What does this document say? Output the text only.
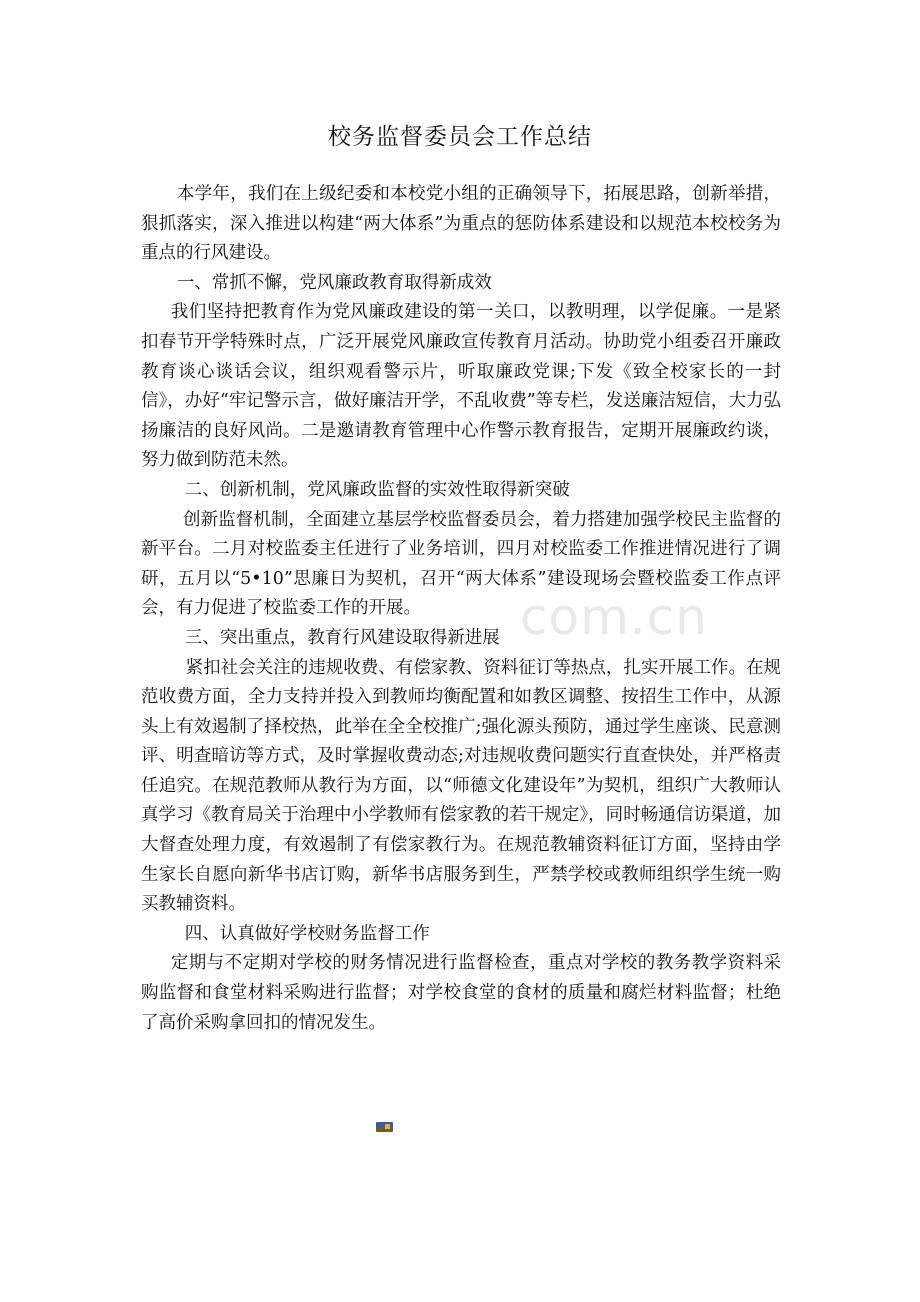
校务监督委员会工作总结

本学年，我们在上级纪委和本校党小组的正确领导下，拓展思路，创新举措，狠抓落实，深入推进以构建“两大体系”为重点的惩防体系建设和以规范本校校务为重点的行风建设。

一、常抓不懈，党风廉政教育取得新成效

我们坚持把教育作为党风廉政建设的第一关口，以教明理，以学促廉。一是紧扣春节开学特殊时点，广泛开展党风廉政宣传教育月活动。协助党小组委召开廉政教育谈心谈话会议，组织观看警示片，听取廉政党课;下发《致全校家长的一封信》，办好“牢记警示言，做好廉洁开学，不乱收费”等专栏，发送廉洁短信，大力弘扬廉洁的良好风尚。二是邀请教育管理中心作警示教育报告，定期开展廉政约谈，努力做到防范未然。

二、创新机制，党风廉政监督的实效性取得新突破

创新监督机制，全面建立基层学校监督委员会，着力搭建加强学校民主监督的新平台。二月对校监委主任进行了业务培训，四月对校监委工作推进情况进行了调研，五月以“5•10”思廉日为契机，召开“两大体系”建设现场会暨校监委工作点评会，有力促进了校监委工作的开展。

三、突出重点，教育行风建设取得新进展

紧扣社会关注的违规收费、有偿家教、资料征订等热点，扎实开展工作。在规范收费方面，全力支持并投入到教师均衡配置和如教区调整、按招生工作中，从源头上有效遏制了择校热，此举在全全校推广;强化源头预防，通过学生座谈、民意测评、明查暗访等方式，及时掌握收费动态;对违规收费问题实行直查快处，并严格责任追究。在规范教师从教行为方面，以“师德文化建设年”为契机，组织广大教师认真学习《教育局关于治理中小学教师有偿家教的若干规定》，同时畅通信访渠道，加大督查处理力度，有效遏制了有偿家教行为。在规范教辅资料征订方面，坚持由学生家长自愿向新华书店订购，新华书店服务到生，严禁学校或教师组织学生统一购买教辅资料。

四、认真做好学校财务监督工作

定期与不定期对学校的财务情况进行监督检查，重点对学校的教务教学资料采购监督和食堂材料采购进行监督；对学校食堂的食材的质量和腐烂材料监督；杜绝了高价采购拿回扣的情况发生。

com.cn
